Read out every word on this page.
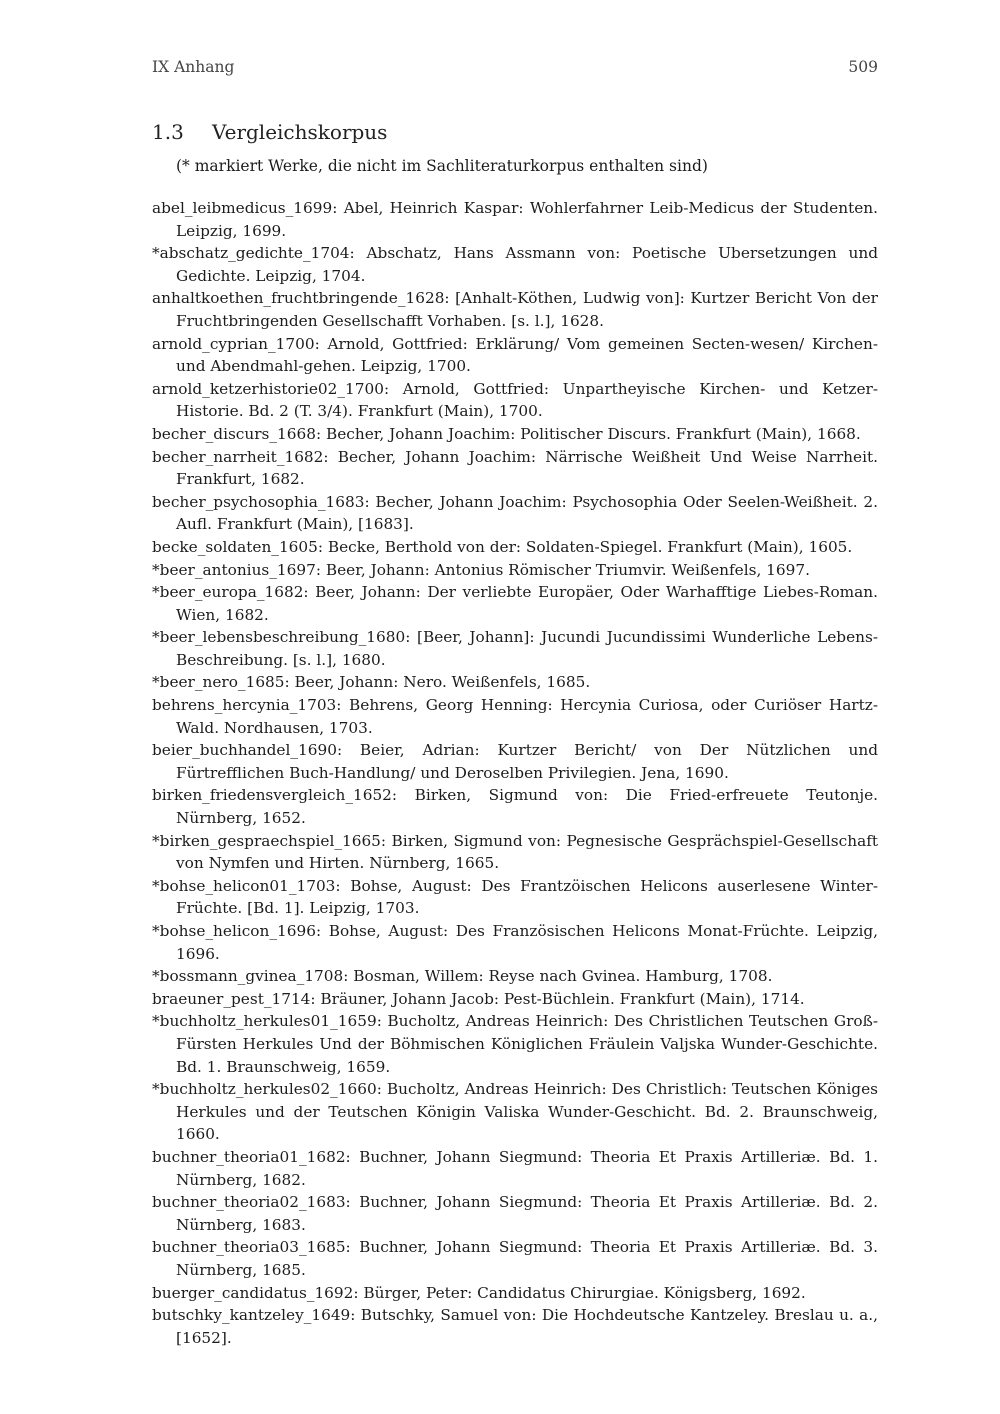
IX Anhang	509
1.3 Vergleichskorpus
(* markiert Werke, die nicht im Sachliteraturkorpus enthalten sind)

abel_leibmedicus_1699: Abel, Heinrich Kaspar: Wohlerfahrner Leib-Medicus der Studenten. Leipzig, 1699.

*abschatz_gedichte_1704: Abschatz, Hans Assmann von: Poetische Ubersetzungen und Gedichte. Leipzig, 1704.

anhaltkoethen_fruchtbringende_1628: [Anhalt-Köthen, Ludwig von]: Kurtzer Bericht Von der Fruchtbringenden Gesellschafft Vorhaben. [s. l.], 1628.

arnold_cyprian_1700: Arnold, Gottfried: Erklärung/ Vom gemeinen Secten-wesen/ Kirchen- und Abendmahl-gehen. Leipzig, 1700.

arnold_ketzerhistorie02_1700: Arnold, Gottfried: Unpartheyische Kirchen- und Ketzer-Historie. Bd. 2 (T. 3/4). Frankfurt (Main), 1700.

becher_discurs_1668: Becher, Johann Joachim: Politischer Discurs. Frankfurt (Main), 1668.

becher_narrheit_1682: Becher, Johann Joachim: Närrische Weißheit Und Weise Narrheit. Frankfurt, 1682.

becher_psychosophia_1683: Becher, Johann Joachim: Psychosophia Oder Seelen-Weißheit. 2. Aufl. Frankfurt (Main), [1683].

becke_soldaten_1605: Becke, Berthold von der: Soldaten-Spiegel. Frankfurt (Main), 1605.

*beer_antonius_1697: Beer, Johann: Antonius Römischer Triumvir. Weißenfels, 1697.

*beer_europa_1682: Beer, Johann: Der verliebte Europäer, Oder Warhafftige Liebes-Roman. Wien, 1682.

*beer_lebensbeschreibung_1680: [Beer, Johann]: Jucundi Jucundissimi Wunderliche Lebens-Beschreibung. [s. l.], 1680.

*beer_nero_1685: Beer, Johann: Nero. Weißenfels, 1685.

behrens_hercynia_1703: Behrens, Georg Henning: Hercynia Curiosa, oder Curiöser Hartz-Wald. Nordhausen, 1703.

beier_buchhandel_1690: Beier, Adrian: Kurtzer Bericht/ von Der Nützlichen und Fürtrefflichen Buch-Handlung/ und Deroselben Privilegien. Jena, 1690.

birken_friedensvergleich_1652: Birken, Sigmund von: Die Fried-erfreuete Teutonje. Nürnberg, 1652.

*birken_gespraechspiel_1665: Birken, Sigmund von: Pegnesische Gesprächspiel-Gesellschaft von Nymfen und Hirten. Nürnberg, 1665.

*bohse_helicon01_1703: Bohse, August: Des Frantzöischen Helicons auserlesene Winter-Früchte. [Bd. 1]. Leipzig, 1703.

*bohse_helicon_1696: Bohse, August: Des Französischen Helicons Monat-Früchte. Leipzig, 1696.

*bossmann_gvinea_1708: Bosman, Willem: Reyse nach Gvinea. Hamburg, 1708.

braeuner_pest_1714: Bräuner, Johann Jacob: Pest-Büchlein. Frankfurt (Main), 1714.

*buchholtz_herkules01_1659: Bucholtz, Andreas Heinrich: Des Christlichen Teutschen Groß-Fürsten Herkules Und der Böhmischen Königlichen Fräulein Valjska Wunder-Geschichte. Bd. 1. Braunschweig, 1659.

*buchholtz_herkules02_1660: Bucholtz, Andreas Heinrich: Des Christlich: Teutschen Königes Herkules und der Teutschen Königin Valiska Wunder-Geschicht. Bd. 2. Braunschweig, 1660.

buchner_theoria01_1682: Buchner, Johann Siegmund: Theoria Et Praxis Artilleriæ. Bd. 1. Nürnberg, 1682.

buchner_theoria02_1683: Buchner, Johann Siegmund: Theoria Et Praxis Artilleriæ. Bd. 2. Nürnberg, 1683.

buchner_theoria03_1685: Buchner, Johann Siegmund: Theoria Et Praxis Artilleriæ. Bd. 3. Nürnberg, 1685.

buerger_candidatus_1692: Bürger, Peter: Candidatus Chirurgiae. Königsberg, 1692.

butschky_kantzeley_1649: Butschky, Samuel von: Die Hochdeutsche Kantzeley. Breslau u. a., [1652].
